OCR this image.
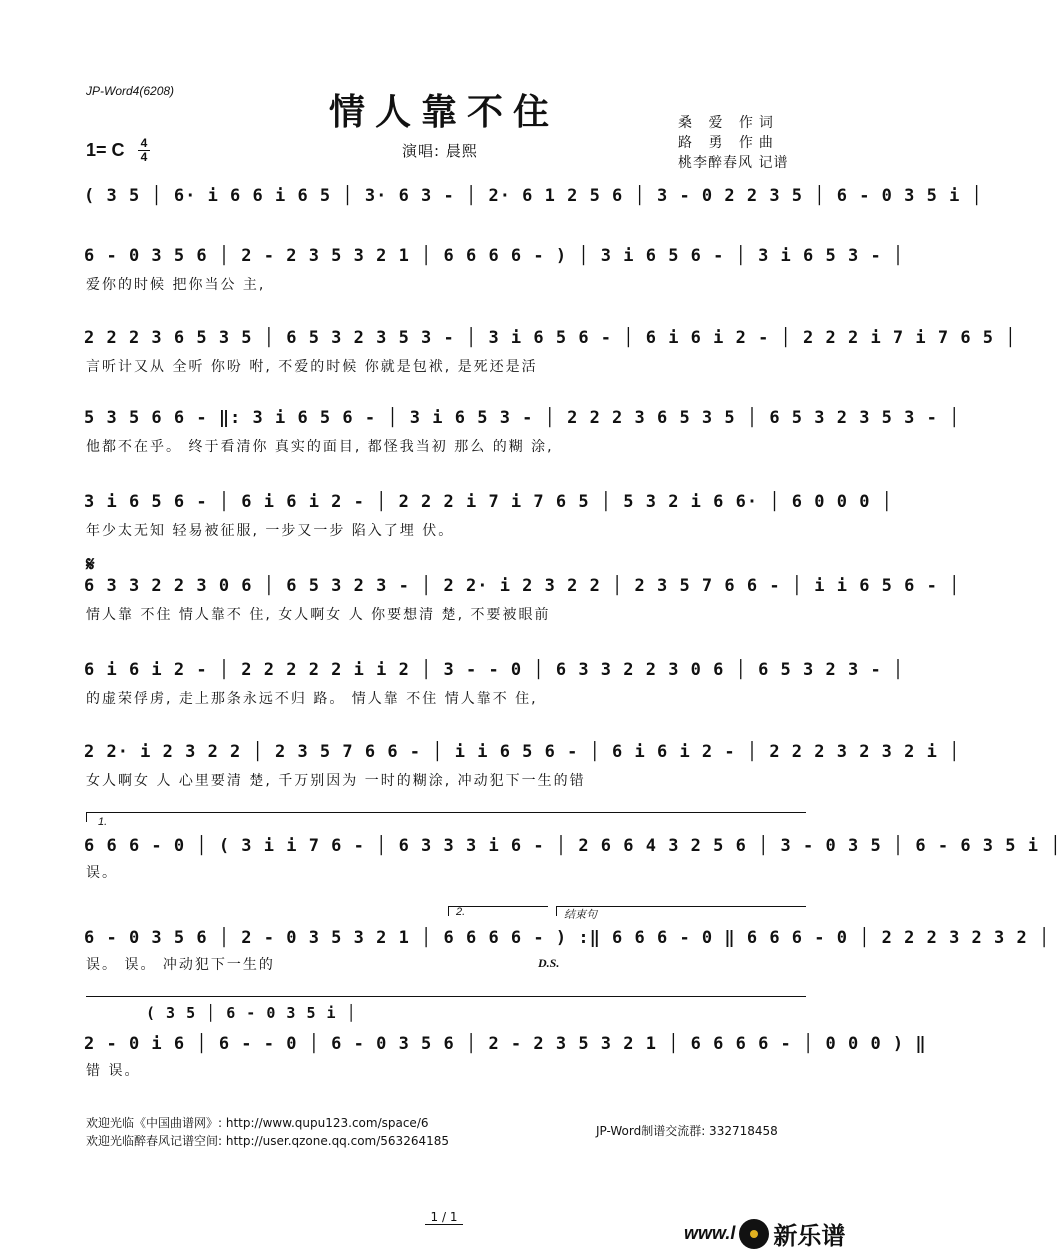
JP-Word4(6208)	情人靠不住	桑 爱 作词
路 勇 作曲
桃李醉春风 记谱
1= C 4
4	演唱: 晨熙
𝄋
( 3 5 │ 6· i 6 6 i 6 5 │ 3· 6 3 - │ 2· 6 1 2 5 6 │ 3 - 0 2 2 3 5 │ 6 - 0 3 5 i │
6 - 0 3 5 6 │ 2 - 2 3 5 3 2 1 │ 6 6 6 6 - ) │ 3 i 6 5 6 - │ 3 i 6 5 3 - │
爱你的时候 把你当公 主,
2 2 2 3 6 5 3 5 │ 6 5 3 2 3 5 3 - │ 3 i 6 5 6 - │ 6 i 6 i 2 - │ 2 2 2 i 7 i 7 6 5 │
言听计又从 全听 你吩 咐, 不爱的时候 你就是包袱, 是死还是活
5 3 5 6 6 - ‖: 3 i 6 5 6 - │ 3 i 6 5 3 - │ 2 2 2 3 6 5 3 5 │ 6 5 3 2 3 5 3 - │
他都不在乎。 终于看清你 真实的面目, 都怪我当初 那么 的糊 涂,
3 i 6 5 6 - │ 6 i 6 i 2 - │ 2 2 2 i 7 i 7 6 5 │ 5 3 2 i 6 6· │ 6 0 0 0 │
年少太无知 轻易被征服, 一步又一步 陷入了埋 伏。
6 3 3 2 2 3 0 6 │ 6 5 3 2 3 - │ 2 2· i 2 3 2 2 │ 2 3 5 7 6 6 - │ i i 6 5 6 - │
情人靠 不住 情人靠不 住, 女人啊女 人 你要想清 楚, 不要被眼前
6 i 6 i 2 - │ 2 2 2 2 2 i i 2 │ 3 - - 0 │ 6 3 3 2 2 3 0 6 │ 6 5 3 2 3 - │
的虚荣俘虏, 走上那条永远不归 路。 情人靠 不住 情人靠不 住,
2 2· i 2 3 2 2 │ 2 3 5 7 6 6 - │ i i 6 5 6 - │ 6 i 6 i 2 - │ 2 2 2 3 2 3 2 i │
女人啊女 人 心里要清 楚, 千万别因为 一时的糊涂, 冲动犯下一生的错
1.
6 6 6 - 0 │ ( 3 i i 7 6 - │ 6 3 3 3 i 6 - │ 2 6 6 4 3 2 5 6 │ 3 - 0 3 5 │ 6 - 6 3 5 i │
误。
2.	结束句
6 - 0 3 5 6 │ 2 - 0 3 5 3 2 1 │ 6 6 6 6 - ) :‖ 6 6 6 - 0 ‖ 6 6 6 - 0 │ 2 2 2 3 2 3 2 │
误。 误。 冲动犯下一生的	D.S.
( 3 5 │ 6 - 0 3 5 i │
2 - 0 i 6 │ 6 - - 0 │ 6 - 0 3 5 6 │ 2 - 2 3 5 3 2 1 │ 6 6 6 6 - │ 0 0 0 ) ‖
错 误。
欢迎光临《中国曲谱网》: http://www.qupu123.com/space/6
欢迎光临醉春风记谱空间: http://user.qzone.qq.com/563264185
JP-Word制谱交流群: 332718458
1 / 1
www.l 新乐谱
